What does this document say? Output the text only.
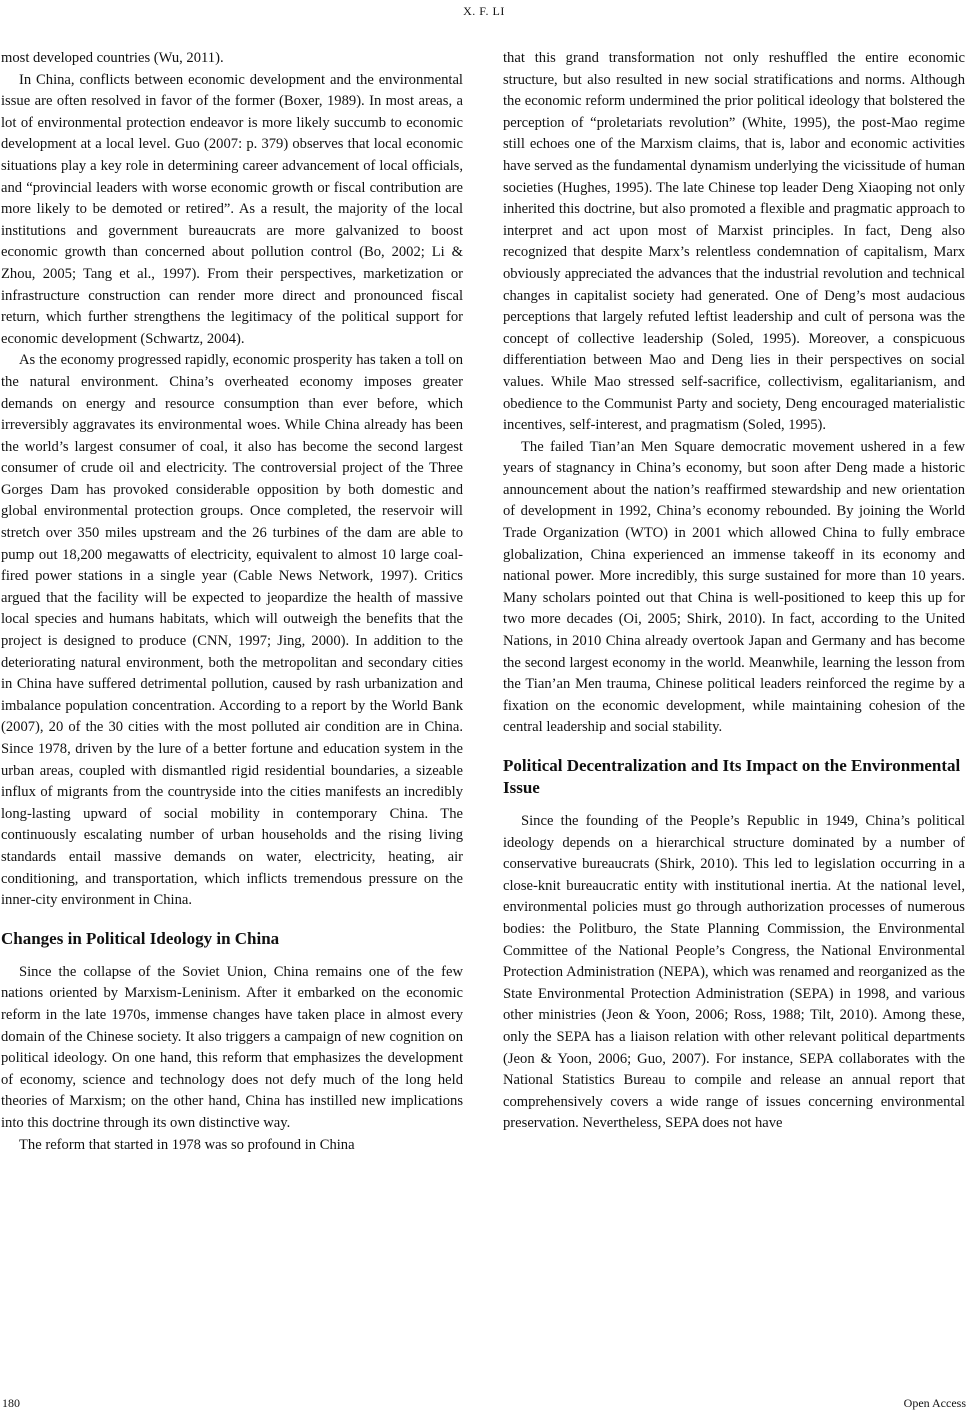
X. F. LI

most developed countries (Wu, 2011).

In China, conflicts between economic development and the environmental issue are often resolved in favor of the former (Boxer, 1989). In most areas, a lot of environmental protection endeavor is more likely succumb to economic development at a local level. Guo (2007: p. 379) observes that local economic situations play a key role in determining career advancement of local officials, and “provincial leaders with worse economic growth or fiscal contribution are more likely to be demoted or retired”. As a result, the majority of the local institutions and government bureaucrats are more galvanized to boost economic growth than concerned about pollution control (Bo, 2002; Li & Zhou, 2005; Tang et al., 1997). From their perspectives, marketization or infrastructure construction can render more direct and pronounced fiscal return, which further strengthens the legitimacy of the political support for economic development (Schwartz, 2004).

As the economy progressed rapidly, economic prosperity has taken a toll on the natural environment. China’s overheated economy imposes greater demands on energy and resource consumption than ever before, which irreversibly aggravates its environmental woes. While China already has been the world’s largest consumer of coal, it also has become the second largest consumer of crude oil and electricity. The controversial project of the Three Gorges Dam has provoked considerable opposition by both domestic and global environmental protection groups. Once completed, the reservoir will stretch over 350 miles upstream and the 26 turbines of the dam are able to pump out 18,200 megawatts of electricity, equivalent to almost 10 large coal-fired power stations in a single year (Cable News Network, 1997). Critics argued that the facility will be expected to jeopardize the health of massive local species and humans habitats, which will outweigh the benefits that the project is designed to produce (CNN, 1997; Jing, 2000). In addition to the deteriorating natural environment, both the metropolitan and secondary cities in China have suffered detrimental pollution, caused by rash urbanization and imbalance population concentration. According to a report by the World Bank (2007), 20 of the 30 cities with the most polluted air condition are in China. Since 1978, driven by the lure of a better fortune and education system in the urban areas, coupled with dismantled rigid residential boundaries, a sizeable influx of migrants from the countryside into the cities manifests an incredibly long-lasting upward of social mobility in contemporary China. The continuously escalating number of urban households and the rising living standards entail massive demands on water, electricity, heating, air conditioning, and transportation, which inflicts tremendous pressure on the inner-city environment in China.

Changes in Political Ideology in China

Since the collapse of the Soviet Union, China remains one of the few nations oriented by Marxism-Leninism. After it embarked on the economic reform in the late 1970s, immense changes have taken place in almost every domain of the Chinese society. It also triggers a campaign of new cognition on political ideology. On one hand, this reform that emphasizes the development of economy, science and technology does not defy much of the long held theories of Marxism; on the other hand, China has instilled new implications into this doctrine through its own distinctive way.

The reform that started in 1978 was so profound in China

that this grand transformation not only reshuffled the entire economic structure, but also resulted in new social stratifications and norms. Although the economic reform undermined the prior political ideology that bolstered the perception of “proletariats revolution” (White, 1995), the post-Mao regime still echoes one of the Marxism claims, that is, labor and economic activities have served as the fundamental dynamism underlying the vicissitude of human societies (Hughes, 1995). The late Chinese top leader Deng Xiaoping not only inherited this doctrine, but also promoted a flexible and pragmatic approach to interpret and act upon most of Marxist principles. In fact, Deng also recognized that despite Marx’s relentless condemnation of capitalism, Marx obviously appreciated the advances that the industrial revolution and technical changes in capitalist society had generated. One of Deng’s most audacious perceptions that largely refuted leftist leadership and cult of persona was the concept of collective leadership (Soled, 1995). Moreover, a conspicuous differentiation between Mao and Deng lies in their perspectives on social values. While Mao stressed self-sacrifice, collectivism, egalitarianism, and obedience to the Communist Party and society, Deng encouraged materialistic incentives, self-interest, and pragmatism (Soled, 1995).

The failed Tian’an Men Square democratic movement ushered in a few years of stagnancy in China’s economy, but soon after Deng made a historic announcement about the nation’s reaffirmed stewardship and new orientation of development in 1992, China’s economy rebounded. By joining the World Trade Organization (WTO) in 2001 which allowed China to fully embrace globalization, China experienced an immense takeoff in its economy and national power. More incredibly, this surge sustained for more than 10 years. Many scholars pointed out that China is well-positioned to keep this up for two more decades (Oi, 2005; Shirk, 2010). In fact, according to the United Nations, in 2010 China already overtook Japan and Germany and has become the second largest economy in the world. Meanwhile, learning the lesson from the Tian’an Men trauma, Chinese political leaders reinforced the regime by a fixation on the economic development, while maintaining cohesion of the central leadership and social stability.

Political Decentralization and Its Impact on the Environmental Issue

Since the founding of the People’s Republic in 1949, China’s political ideology depends on a hierarchical structure dominated by a number of conservative bureaucrats (Shirk, 2010). This led to legislation occurring in a close-knit bureaucratic entity with institutional inertia. At the national level, environmental policies must go through authorization processes of numerous bodies: the Politburo, the State Planning Commission, the Environmental Committee of the National People’s Congress, the National Environmental Protection Administration (NEPA), which was renamed and reorganized as the State Environmental Protection Administration (SEPA) in 1998, and various other ministries (Jeon & Yoon, 2006; Ross, 1988; Tilt, 2010). Among these, only the SEPA has a liaison relation with other relevant political departments (Jeon & Yoon, 2006; Guo, 2007). For instance, SEPA collaborates with the National Statistics Bureau to compile and release an annual report that comprehensively covers a wide range of issues concerning environmental preservation. Nevertheless, SEPA does not have

180	Open Access
